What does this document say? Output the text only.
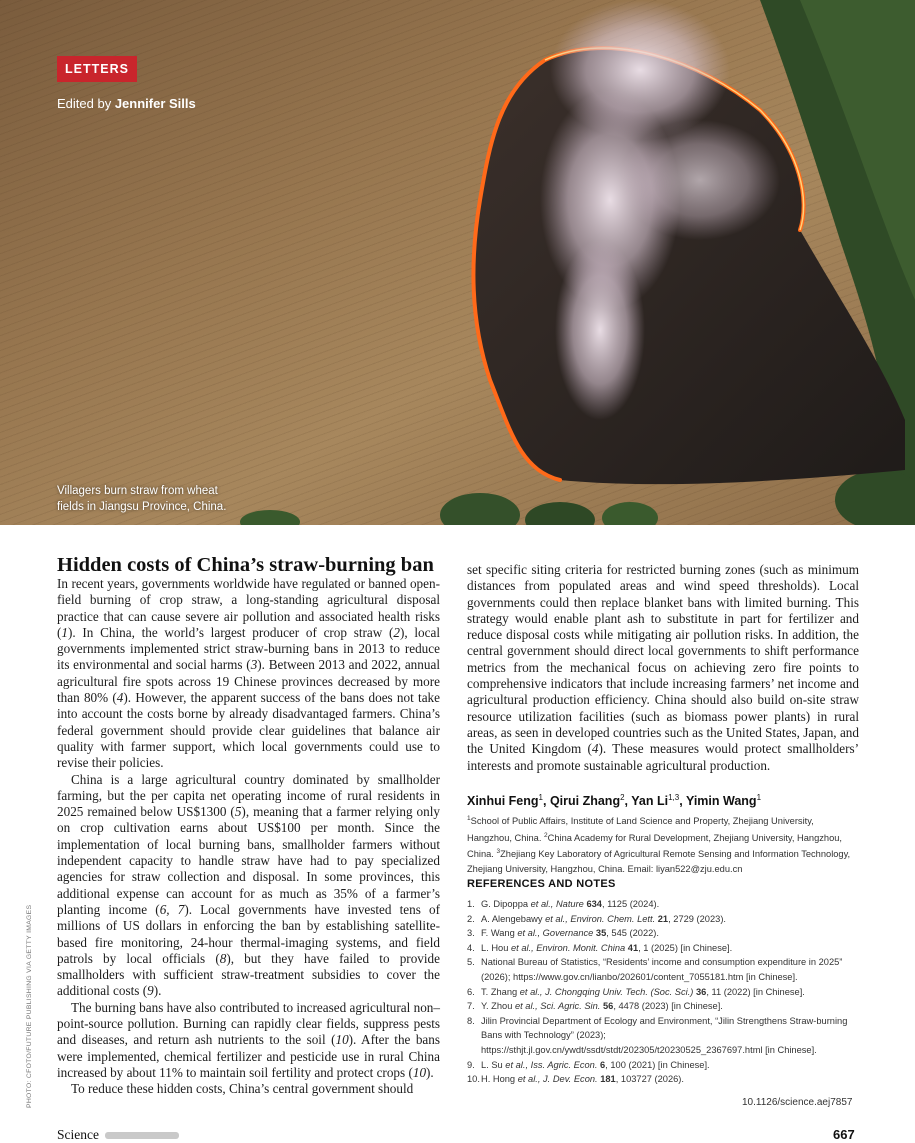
LETTERS
Edited by Jennifer Sills
Villagers burn straw from wheat
fields in Jiangsu Province, China.
PHOTO: CFOTO/FUTURE PUBLISHING VIA GETTY IMAGES
Hidden costs of China’s straw-burning ban

In recent years, governments worldwide have regulated or banned open-field burning of crop straw, a long-standing agricultural disposal practice that can cause severe air pollution and associated health risks (1). In China, the world’s largest producer of crop straw (2), local governments implemented strict straw-burning bans in 2013 to reduce its environmental and social harms (3). Between 2013 and 2022, annual agricultural fire spots across 19 Chinese provinces decreased by more than 80% (4). However, the apparent success of the bans does not take into account the costs borne by already disadvantaged farmers. China’s federal government should provide clear guidelines that balance air quality with farmer support, which local governments could use to revise their policies.

China is a large agricultural country dominated by smallholder farming, but the per capita net operating income of rural residents in 2025 remained below US$1300 (5), meaning that a farmer relying only on crop cultivation earns about US$100 per month. Since the implementation of local burning bans, smallholder farmers without independent capacity to handle straw have had to pay specialized agencies for straw collection and disposal. In some provinces, this additional expense can account for as much as 35% of a farmer’s planting income (6, 7). Local governments have invested tens of millions of US dollars in enforcing the ban by establishing satellite-based fire monitoring, 24-hour thermal-imaging systems, and field patrols by local officials (8), but they have failed to provide smallholders with sufficient straw-treatment subsidies to cover the additional costs (9).

The burning bans have also contributed to increased agricultural non–point-source pollution. Burning can rapidly clear fields, suppress pests and diseases, and return ash nutrients to the soil (10). After the bans were implemented, chemical fertilizer and pesticide use in rural China increased by about 11% to maintain soil fertility and protect crops (10).

To reduce these hidden costs, China’s central government should

set specific siting criteria for restricted burning zones (such as minimum distances from populated areas and wind speed thresholds). Local governments could then replace blanket bans with limited burning. This strategy would enable plant ash to substitute in part for fertilizer and reduce disposal costs while mitigating air pollution risks. In addition, the central government should direct local governments to shift performance metrics from the mechanical focus on achieving zero fire points to comprehensive indicators that include increasing farmers’ net income and agricultural production efficiency. China should also build on-site straw resource utilization facilities (such as biomass power plants) in rural areas, as seen in developed countries such as the United States, Japan, and the United Kingdom (4). These measures would protect smallholders’ interests and promote sustainable agricultural production.

Xinhui Feng$^1$, Qirui Zhang$^2$, Yan Li$^{1,3}$, Yimin Wang$^1$
$^1$School of Public Affairs, Institute of Land Science and Property, Zhejiang University, Hangzhou, China. $^2$China Academy for Rural Development, Zhejiang University, Hangzhou, China. $^3$Zhejiang Key Laboratory of Agricultural Remote Sensing and Information Technology, Zhejiang University, Hangzhou, China. Email: liyan522@zju.edu.cn
REFERENCES AND NOTES
1. G. Dipoppa et al., Nature 634, 1125 (2024).
2. A. Alengebawy et al., Environ. Chem. Lett. 21, 2729 (2023).
3. F. Wang et al., Governance 35, 545 (2022).
4. L. Hou et al., Environ. Monit. China 41, 1 (2025) [in Chinese].
5. National Bureau of Statistics, “Residents’ income and consumption expenditure in 2025” (2026); https://www.gov.cn/lianbo/202601/content_7055181.htm [in Chinese].
6. T. Zhang et al., J. Chongqing Univ. Tech. (Soc. Sci.) 36, 11 (2022) [in Chinese].
7. Y. Zhou et al., Sci. Agric. Sin. 56, 4478 (2023) [in Chinese].
8. Jilin Provincial Department of Ecology and Environment, “Jilin Strengthens Straw-burning Bans with Technology” (2023); https://sthjt.jl.gov.cn/ywdt/ssdt/stdt/202305/t20230525_2367697.html [in Chinese].
9. L. Su et al., Iss. Agric. Econ. 6, 100 (2021) [in Chinese].
10. H. Hong et al., J. Dev. Econ. 181, 103727 (2026).
10.1126/science.aej7857
Science	667
